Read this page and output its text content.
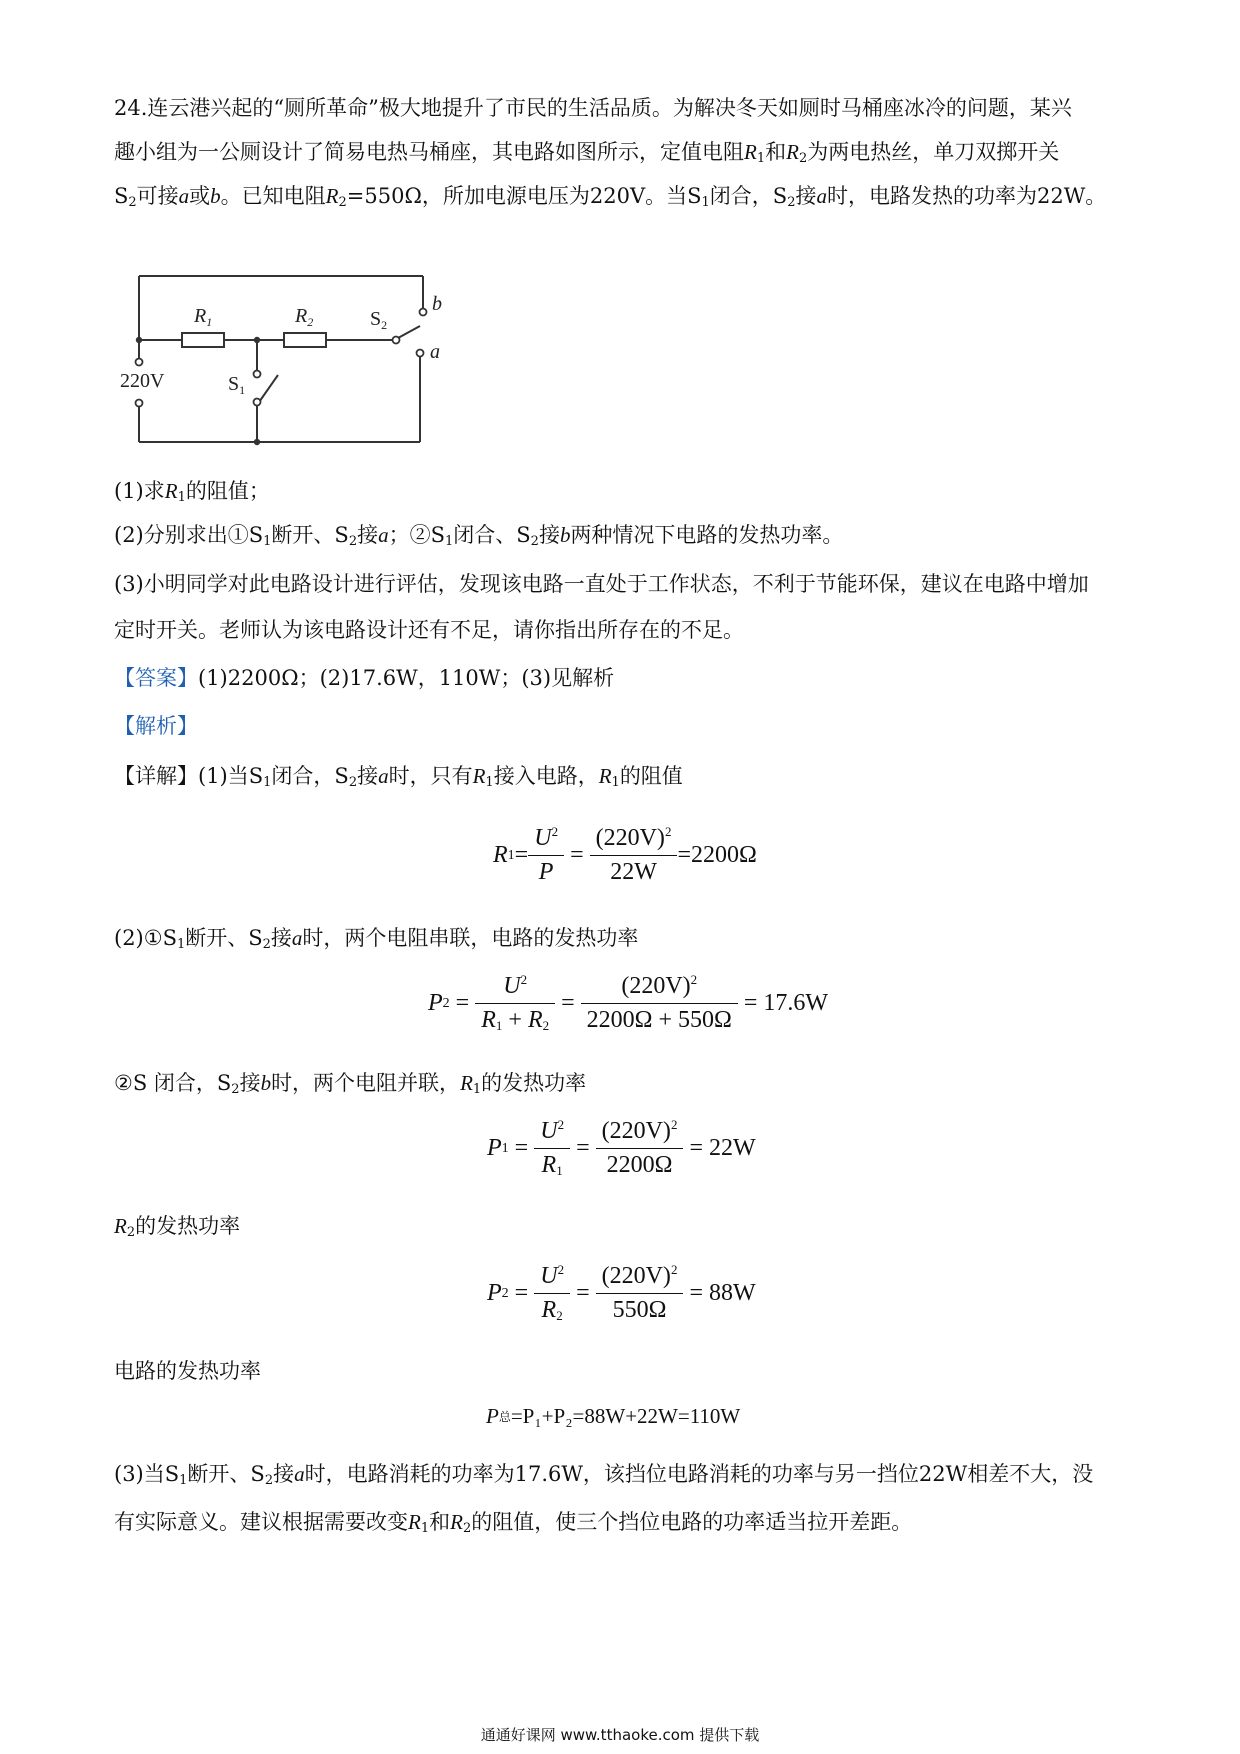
24.连云港兴起的“厕所革命”极大地提升了市民的生活品质。为解决冬天如厕时马桶座冰冷的问题，某兴

趣小组为一公厕设计了简易电热马桶座，其电路如图所示，定值电阻$R_1$和$R_2$为两电热丝，单刀双掷开关

$S_2$可接a或b。已知电阻$R_2=550\Omega$，所加电源电压为220V。当$S_1$闭合，$S_2$接a时，电路发热的功率为22W。

$R_1$	$R_2$	$S_2$
b
a
220V	$S_1$

(1)求$R_1$的阻值；

(2)分别求出$①S_1$断开、$S_2$接a；$②S_1$闭合、$S_2$接b两种情况下电路的发热功率。

(3)小明同学对此电路设计进行评估，发现该电路一直处于工作状态，不利于节能环保，建议在电路中增加

定时开关。老师认为该电路设计还有不足，请你指出所存在的不足。

【答案】(1)2200Ω；(2)17.6W，110W；(3)见解析

【解析】

【详解】(1)当$S_1$闭合，$S_2$接a时，只有$R_1$接入电路，$R_1$的阻值

R $1 = \frac{U^2}{P} = \frac{(220V)^2}{22W} =2200\Omega$

$(2)①S_1$断开、$S_2$接a时，两个电阻串联，电路的发热功率

P $2 = \frac{U^2}{R_1 + R_2} = \frac{(220V)^2}{2200\Omega + 550\Omega}$
= 17.6W

②S 闭合，$S_2$接b时，两个电阻并联，$R_1$的发热功率

P $1 = \frac{U^2}{R_1} = \frac{(220V)^2}{2200\Omega}$
= 22W

$R_2$的发热功率

P $2 = \frac{U^2}{R_2} = \frac{(220V)^2}{550\Omega}$
= 88W

电路的发热功率

P 总 =P₁+P₂=88W+22W=110W

(3)当$S_1$断开、$S_2$接a时，电路消耗的功率为17.6W，该挡位电路消耗的功率与另一挡位22W相差不大，没

有实际意义。建议根据需要改变$R_1$和$R_2$的阻值，使三个挡位电路的功率适当拉开差距。

通通好课网 www.tthaoke.com 提供下载
